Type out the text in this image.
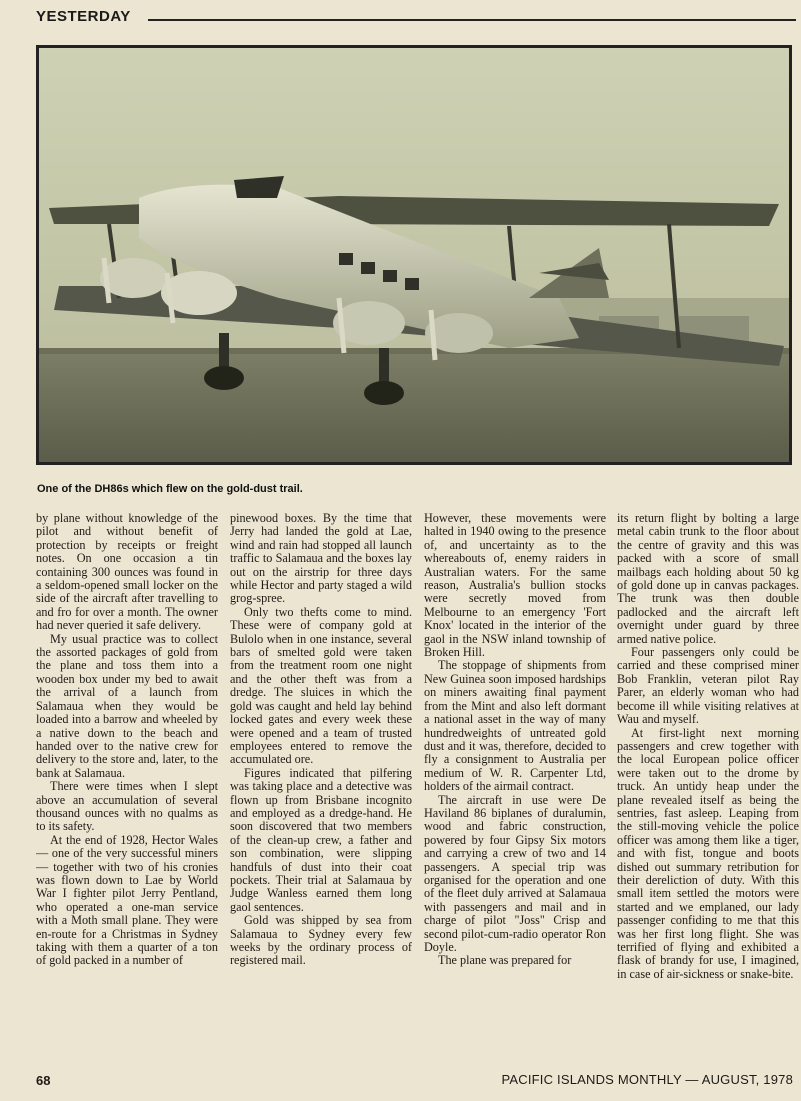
YESTERDAY
One of the DH86s which flew on the gold-dust trail.

by plane without knowledge of the pilot and without benefit of protection by receipts or freight notes. On one occasion a tin containing 300 ounces was found in a seldom-opened small locker on the side of the aircraft after travelling to and fro for over a month. The owner had never queried it safe delivery.

My usual practice was to collect the assorted packages of gold from the plane and toss them into a wooden box under my bed to await the arrival of a launch from Salamaua when they would be loaded into a barrow and wheeled by a native down to the beach and handed over to the native crew for delivery to the store and, later, to the bank at Salamaua.

There were times when I slept above an accumulation of several thousand ounces with no qualms as to its safety.

At the end of 1928, Hector Wales — one of the very successful miners — together with two of his cronies was flown down to Lae by World War I fighter pilot Jerry Pentland, who operated a one-man service with a Moth small plane. They were en-route for a Christmas in Sydney taking with them a quarter of a ton of gold packed in a number of

pinewood boxes. By the time that Jerry had landed the gold at Lae, wind and rain had stopped all launch traffic to Salamaua and the boxes lay out on the airstrip for three days while Hector and party staged a wild grog-spree.

Only two thefts come to mind. These were of company gold at Bulolo when in one instance, several bars of smelted gold were taken from the treatment room one night and the other theft was from a dredge. The sluices in which the gold was caught and held lay behind locked gates and every week these were opened and a team of trusted employees entered to remove the accumulated ore.

Figures indicated that pilfering was taking place and a detective was flown up from Brisbane incognito and employed as a dredge-hand. He soon discovered that two members of the clean-up crew, a father and son combination, were slipping handfuls of dust into their coat pockets. Their trial at Salamaua by Judge Wanless earned them long gaol sentences.

Gold was shipped by sea from Salamaua to Sydney every few weeks by the ordinary process of registered mail.

However, these movements were halted in 1940 owing to the presence of, and uncertainty as to the whereabouts of, enemy raiders in Australian waters. For the same reason, Australia's bullion stocks were secretly moved from Melbourne to an emergency 'Fort Knox' located in the interior of the gaol in the NSW inland township of Broken Hill.

The stoppage of shipments from New Guinea soon imposed hardships on miners awaiting final payment from the Mint and also left dormant a national asset in the way of many hundredweights of untreated gold dust and it was, therefore, decided to fly a consignment to Australia per medium of W. R. Carpenter Ltd, holders of the airmail contract.

The aircraft in use were De Haviland 86 biplanes of duralumin, wood and fabric construction, powered by four Gipsy Six motors and carrying a crew of two and 14 passengers. A special trip was organised for the operation and one of the fleet duly arrived at Salamaua with passengers and mail and in charge of pilot "Joss" Crisp and second pilot-cum-radio operator Ron Doyle.

The plane was prepared for

its return flight by bolting a large metal cabin trunk to the floor about the centre of gravity and this was packed with a score of small mailbags each holding about 50 kg of gold done up in canvas packages. The trunk was then double padlocked and the aircraft left overnight under guard by three armed native police.

Four passengers only could be carried and these comprised miner Bob Franklin, veteran pilot Ray Parer, an elderly woman who had become ill while visiting relatives at Wau and myself.

At first-light next morning passengers and crew together with the local European police officer were taken out to the drome by truck. An untidy heap under the plane revealed itself as being the sentries, fast asleep. Leaping from the still-moving vehicle the police officer was among them like a tiger, and with fist, tongue and boots dished out summary retribution for their dereliction of duty. With this small item settled the motors were started and we emplaned, our lady passenger confiding to me that this was her first long flight. She was terrified of flying and exhibited a flask of brandy for use, I imagined, in case of air-sickness or snake-bite.

68	PACIFIC ISLANDS MONTHLY — AUGUST, 1978
